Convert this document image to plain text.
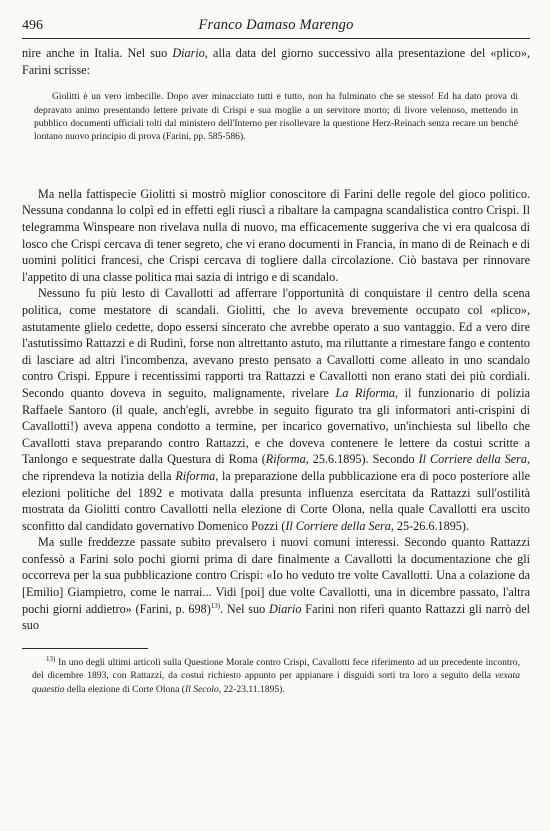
496	Franco Damaso Marengo
nire anche in Italia. Nel suo Diario, alla data del giorno successivo alla presentazione del «plico», Farini scrisse:
Giolitti è un vero imbecille. Dopo aver minacciato tutti e tutto, non ha fulminato che se stesso! Ed ha dato prova di depravato animo presentando lettere private di Crispi e sua moglie a un servitore morto; di livore velenoso, mettendo in pubblico documenti ufficiali tolti dal ministero dell'Interno per risollevare la questione Herz-Reinach senza recare un benché lontano nuovo principio di prova (Farini, pp. 585-586).

Ma nella fattispecie Giolitti si mostrò miglior conoscitore di Farini delle regole del gioco politico. Nessuna condanna lo colpì ed in effetti egli riuscì a ribaltare la campagna scandalistica contro Crispi. Il telegramma Winspeare non rivelava nulla di nuovo, ma efficacemente suggeriva che vi era qualcosa di losco che Crispi cercava di tener segreto, che vi erano documenti in Francia, in mano di de Reinach e di uomini politici francesi, che Crispi cercava di togliere dalla circolazione. Ciò bastava per rinnovare l'appetito di una classe politica mai sazia di intrigo e di scandalo.

Nessuno fu più lesto di Cavallotti ad afferrare l'opportunità di conquistare il centro della scena politica, come mestatore di scandali. Giolitti, che lo aveva brevemente occupato col «plico», astutamente glielo cedette, dopo essersi sincerato che avrebbe operato a suo vantaggio. Ed a vero dire l'astutissimo Rattazzi e di Rudinì, forse non altrettanto astuto, ma riluttante a rimestare fango e contento di lasciare ad altri l'incombenza, avevano presto pensato a Cavallotti come alleato in uno scandalo contro Crispi. Eppure i recentissimi rapporti tra Rattazzi e Cavallotti non erano stati dei più cordiali. Secondo quanto doveva in seguito, malignamente, rivelare La Riforma, il funzionario di polizia Raffaele Santoro (il quale, anch'egli, avrebbe in seguito figurato tra gli informatori anti-crispini di Cavallotti!) aveva appena condotto a termine, per incarico governativo, un'inchiesta sul libello che Cavallotti stava preparando contro Rattazzi, e che doveva contenere le lettere da costui scritte a Tanlongo e sequestrate dalla Questura di Roma (Riforma, 25.6.1895). Secondo Il Corriere della Sera, che riprendeva la notizia della Riforma, la preparazione della pubblicazione era di poco posteriore alle elezioni politiche del 1892 e motivata dalla presunta influenza esercitata da Rattazzi sull'ostilità mostrata da Giolitti contro Cavallotti nella elezione di Corte Olona, nella quale Cavallotti era uscito sconfitto dal candidato governativo Domenico Pozzi (Il Corriere della Sera, 25-26.6.1895).

Ma sulle freddezze passate subito prevalsero i nuovi comuni interessi. Secondo quanto Rattazzi confessò a Farini solo pochi giorni prima di dare finalmente a Cavallotti la documentazione che gli occorreva per la sua pubblicazione contro Crispi: «Io ho veduto tre volte Cavallotti. Una a colazione da [Emilio] Giampietro, come le narrai... Vidi [poi] due volte Cavallotti, una in dicembre passato, l'altra pochi giorni addietro» (Farini, p. 698)$^{13)}$. Nel suo Diario Farini non riferì quanto Rattazzi gli narrò del suo

$^{13)}$ In uno degli ultimi articoli sulla Questione Morale contro Crispi, Cavallotti fece riferimento ad un precedente incontro, del dicembre 1893, con Rattazzi, da costui richiesto appunto per appianare i disguidi sorti tra loro a seguito della vexata quaestio della elezione di Corte Olona (Il Secolo, 22-23.11.1895).
